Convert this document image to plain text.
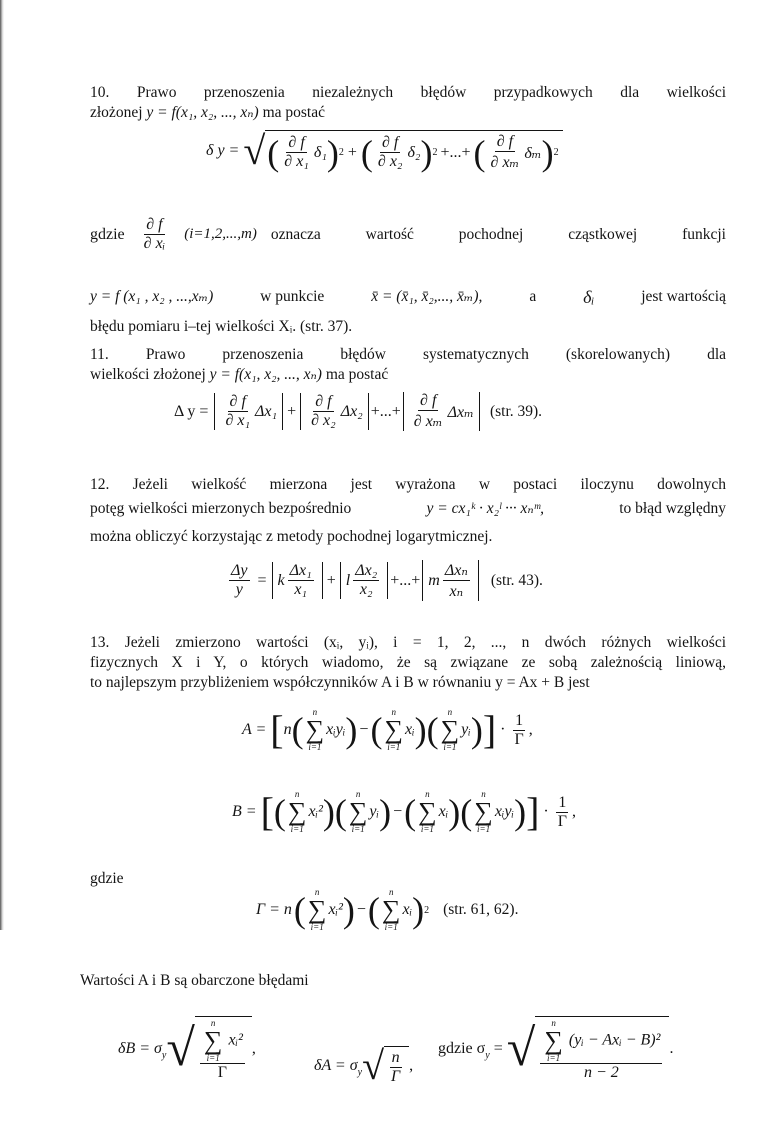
10. Prawo przenoszenia niezależnych błędów przypadkowych dla wielkości
złożonej y = f(x₁, x₂, ..., xₙ) ma postać
δ y = √ ( $\frac{\partial f}{\text{∂ x₁}} \delta_1$ ) 2 + ( $\frac{\partial f}{\text{∂ x₂}} \delta_2$ ) 2 +...+ ( $\frac{\partial f}{\text{∂ xₘ}}$ δₘ ) 2
gdzie $\frac{\partial f}{\text{∂ xᵢ}} (i=1,2,...,m)$ oznacza wartość pochodnej cząstkowej funkcji
y = f (x₁ , x₂ , ...,xₘ)	w punkcie	x̄ = (x̄₁, x̄₂,..., x̄ₘ),	a	δᵢ	jest wartością
błędu pomiaru i–tej wielkości Xᵢ. (str. 37).
11. Prawo przenoszenia błędów systematycznych (skorelowanych) dla
wielkości złożonej y = f(x₁, x₂, ..., xₙ) ma postać
Δ $y = \frac{\partial f}{\text{∂ x₁}} \Delta x_1 + \frac{\partial f}{\text{∂ x₂}} \Delta x_2$ +...+ $\frac{\partial f}{\text{∂ xₘ}}$ Δxₘ (str. 39).
12. Jeżeli wielkość mierzona jest wyrażona w postaci iloczynu dowolnych
potęg wielkości mierzonych bezpośrednio	y = cx₁ᵏ · x₂ˡ ··· xₙᵐ,	to błąd względny
można obliczyć korzystając z metody pochodnej logarytmicznej.
$\frac{\Delta y}{y} = k \frac{\text{Δx₁}}{\text{x₁}} + l \frac{\text{Δx₂}}{\text{x₂}}$ +...+ m $\frac{\text{Δxₙ}}{\text{xₙ}} (str$. 43).
13. Jeżeli zmierzono wartości (xᵢ, yᵢ), i = 1, 2, ..., n dwóch różnych wielkości
fizycznych X i Y, o których wiadomo, że są związane ze sobą zależnością liniową,
to najlepszym przybliżeniem współczynników A i B w równaniu y = Ax + B jest
A = [ n ( n
∑
i=1
xᵢyᵢ ) − ( n
∑
i=1
xᵢ )( n
∑
i=1
yᵢ ) ] · $\frac{1}{\Gamma}$ ,
B = [ ( n
∑
i=1
xᵢ² )( n
∑
i=1
yᵢ ) − ( n
∑
i=1
xᵢ )( n
∑
i=1
xᵢyᵢ ) ] · $\frac{1}{\Gamma}$ ,
gdzie
Γ = n ( n
∑
i=1
xᵢ² ) − ( n
∑
i=1
xᵢ ) 2 (str. 61, 62).
Wartości A i B są obarczone błędami
$\delta B = \sigma_y$ √ n
∑
i=1
xᵢ²
Γ ,
$\delta A = \sigma_y$ √ $\frac{n}{\Gamma}$ ,
gdzie $\sigma_y$ = √ n
∑
i=1
(yᵢ − Axᵢ − B)²
n − 2 .
